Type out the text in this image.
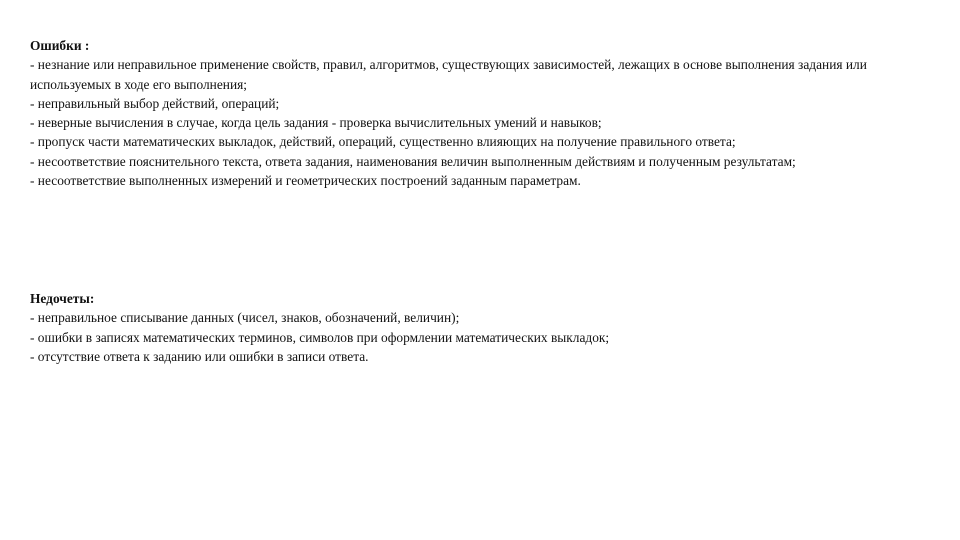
Ошибки :
- незнание или неправильное применение свойств, правил, алгоритмов, существующих зависимостей, лежащих в основе выполнения задания или используемых в ходе его выполнения;
- неправильный выбор действий, операций;
- неверные вычисления в случае, когда цель задания - проверка вычислительных умений и навыков;
- пропуск части математических выкладок, действий, операций, существенно влияющих на получение правильного ответа;
- несоответствие пояснительного текста, ответа задания, наименования величин выполненным действиям и полученным результатам;
- несоответствие выполненных измерений и геометрических построений заданным параметрам.
Недочеты:
- неправильное списывание данных (чисел, знаков, обозначений, величин);
- ошибки в записях математических терминов, символов при оформлении математических выкладок;
- отсутствие ответа к заданию или ошибки в записи ответа.
